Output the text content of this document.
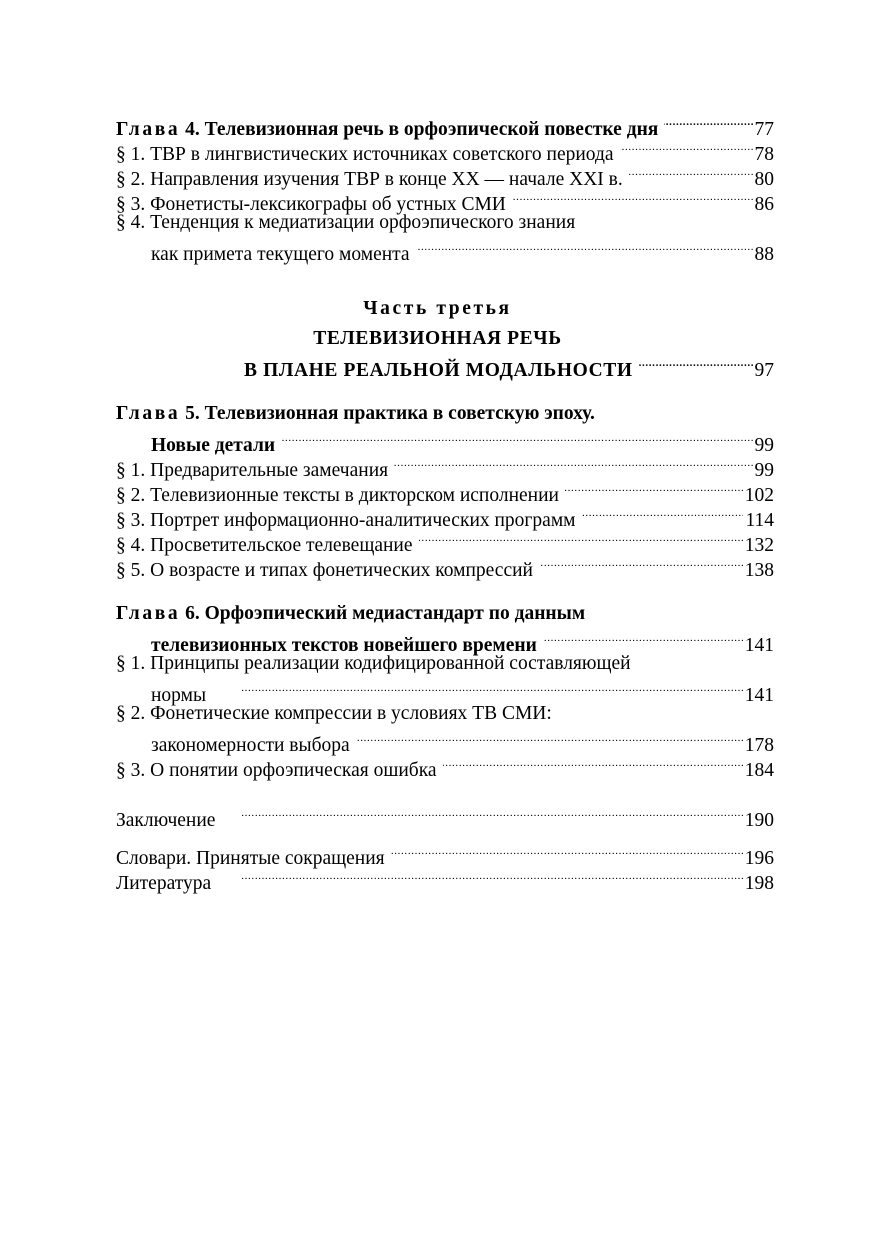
Глава 4. Телевизионная речь в орфоэпической повестке дня . . .	77
§ 1. ТВР в лингвистических источниках советского периода . . .	78
§ 2. Направления изучения ТВР в конце XX — начале XXI в. . . .	80
§ 3. Фонетисты-лексикографы об устных СМИ . . .	86
§ 4. Тенденция к медиатизации орфоэпического знания
как примета текущего момента . . .	88
Часть третья
ТЕЛЕВИЗИОННАЯ РЕЧЬ
В ПЛАНЕ РЕАЛЬНОЙ МОДАЛЬНОСТИ . . .	97
Глава 5. Телевизионная практика в советскую эпоху.
Новые детали . . .	99
§ 1. Предварительные замечания . . .	99
§ 2. Телевизионные тексты в дикторском исполнении . . .	102
§ 3. Портрет информационно-аналитических программ . . .	114
§ 4. Просветительское телевещание . . .	132
§ 5. О возрасте и типах фонетических компрессий . . .	138
Глава 6. Орфоэпический медиастандарт по данным
телевизионных текстов новейшего времени . . .	141
§ 1. Принципы реализации кодифицированной составляющей
нормы . . .	141
§ 2. Фонетические компрессии в условиях ТВ СМИ:
закономерности выбора . . .	178
§ 3. О понятии орфоэпическая ошибка . . .	184
Заключение . . .	190
Словари. Принятые сокращения . . .	196
Литература . . .	198
